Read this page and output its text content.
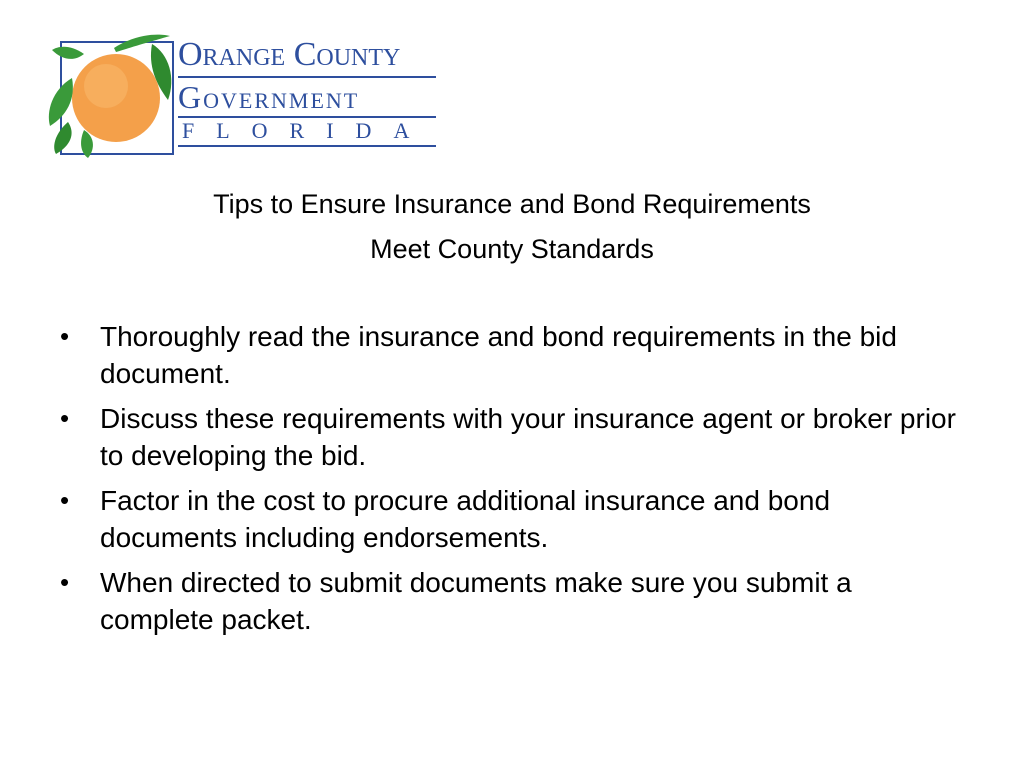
Orange County
Government
FLORIDA
Tips to Ensure Insurance and Bond Requirements
Meet County Standards
• Thoroughly read the insurance and bond requirements in the bid document.
• Discuss these requirements with your insurance agent or broker prior to developing the bid.
• Factor in the cost to procure additional insurance and bond documents including endorsements.
• When directed to submit documents make sure you submit a complete packet.
